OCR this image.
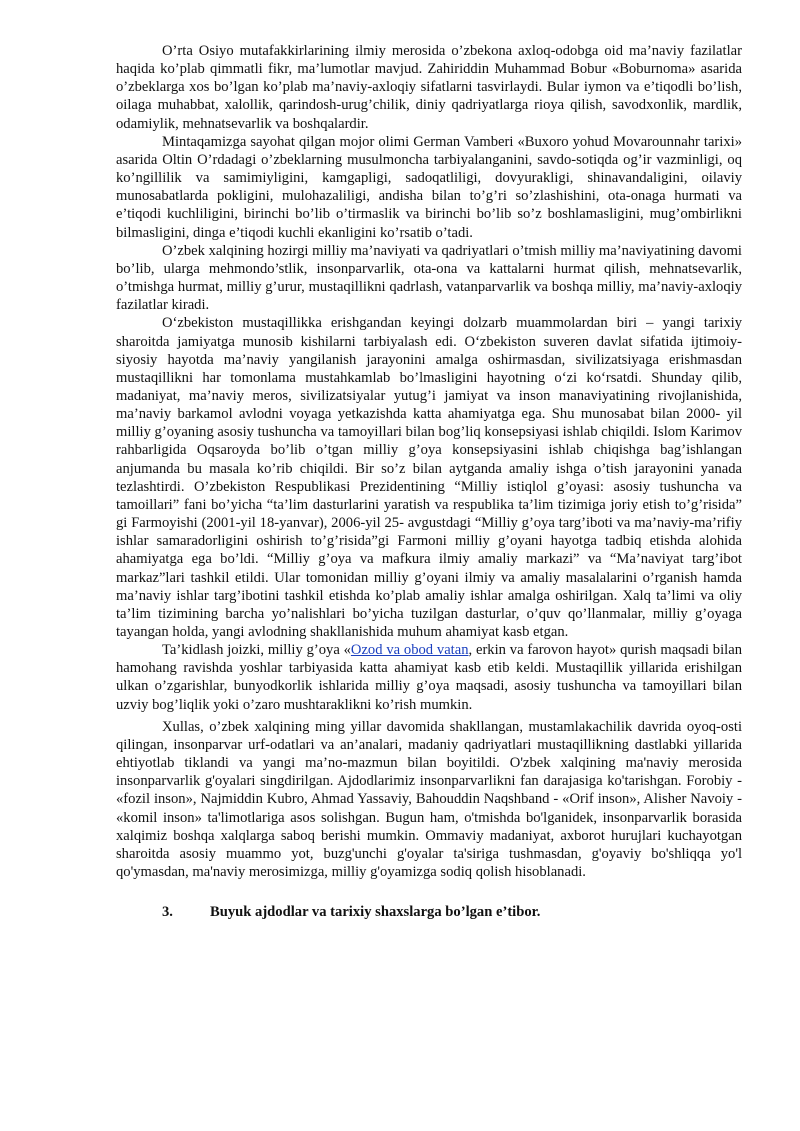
O’rta Osiyo mutafakkirlarining ilmiy merosida o’zbekona axloq-odobga oid ma’naviy fazilatlar haqida ko’plab qimmatli fikr, ma’lumotlar mavjud. Zahiriddin Muhammad Bobur «Boburnoma» asarida o’zbeklarga xos bo’lgan ko’plab ma’naviy-axloqiy sifatlarni tasvirlaydi. Bular iymon va e’tiqodli bo’lish, oilaga muhabbat, xalollik, qarindosh-urug’chilik, diniy qadriyatlarga rioya qilish, savodxonlik, mardlik, odamiylik, mehnatsevarlik va boshqalardir.

Mintaqamizga sayohat qilgan mojor olimi German Vamberi «Buxoro yohud Movarounnahr tarixi» asarida Oltin O’rdadagi o’zbeklarning musulmoncha tarbiyalanganini, savdo-sotiqda og’ir vazminligi, oq ko’ngillilik va samimiyligini, kamgapligi, sadoqatliligi, dovyurakligi, shinavandaligini, oilaviy munosabatlarda pokligini, mulohazaliligi, andisha bilan to’g’ri so’zlashishini, ota-onaga hurmati va e’tiqodi kuchliligini, birinchi bo’lib o’tirmaslik va birinchi bo’lib so’z boshlamasligini, mug’ombirlikni bilmasligini, dinga e’tiqodi kuchli ekanligini ko’rsatib o’tadi.

O’zbek xalqining hozirgi milliy ma’naviyati va qadriyatlari o’tmish milliy ma’naviyatining davomi bo’lib, ularga mehmondo’stlik, insonparvarlik, ota-ona va kattalarni hurmat qilish, mehnatsevarlik, o’tmishga hurmat, milliy g’urur, mustaqillikni qadrlash, vatanparvarlik va boshqa milliy, ma’naviy-axloqiy fazilatlar kiradi.

O‘zbekiston mustaqillikka erishgandan keyingi dolzarb muammolardan biri – yangi tarixiy sharoitda jamiyatga munosib kishilarni tarbiyalash edi. O‘zbekiston suveren davlat sifatida ijtimoiy-siyosiy hayotda ma’naviy yangilanish jarayonini amalga oshirmasdan, sivilizatsiyaga erishmasdan mustaqillikni har tomonlama mustahkamlab bo’lmasligini hayotning o‘zi ko‘rsatdi. Shunday qilib, madaniyat, ma’naviy meros, sivilizatsiyalar yutug’i jamiyat va inson manaviyatining rivojlanishida, ma’naviy barkamol avlodni voyaga yetkazishda katta ahamiyatga ega. Shu munosabat bilan 2000- yil milliy g’oyaning asosiy tushuncha va tamoyillari bilan bog’liq konsepsiyasi ishlab chiqildi. Islom Karimov rahbarligida Oqsaroyda bo’lib o’tgan milliy g’oya konsepsiyasini ishlab chiqishga bag’ishlangan anjumanda bu masala ko’rib chiqildi. Bir so’z bilan aytganda amaliy ishga o’tish jarayonini yanada tezlashtirdi. O’zbekiston Respublikasi Prezidentining “Milliy istiqlol g’oyasi: asosiy tushuncha va tamoillari” fani bo’yicha “ta’lim dasturlarini yaratish va respublika ta’lim tizimiga joriy etish to’g’risida” gi Farmoyishi (2001-yil 18-yanvar), 2006-yil 25- avgustdagi “Milliy g’oya targ’iboti va ma’naviy-ma’rifiy ishlar samaradorligini oshirish to’g’risida”gi Farmoni milliy g’oyani hayotga tadbiq etishda alohida ahamiyatga ega bo’ldi. “Milliy g’oya va mafkura ilmiy amaliy markazi” va “Ma’naviyat targ’ibot markaz”lari tashkil etildi. Ular tomonidan milliy g’oyani ilmiy va amaliy masalalarini o’rganish hamda ma’naviy ishlar targ’ibotini tashkil etishda ko’plab amaliy ishlar amalga oshirilgan. Xalq ta’limi va oliy ta’lim tizimining barcha yo’nalishlari bo’yicha tuzilgan dasturlar, o’quv qo’llanmalar, milliy g’oyaga tayangan holda, yangi avlodning shakllanishida muhum ahamiyat kasb etgan.

Ta’kidlash joizki, milliy g’oya «Ozod va obod vatan, erkin va farovon hayot» qurish maqsadi bilan hamohang ravishda yoshlar tarbiyasida katta ahamiyat kasb etib keldi. Mustaqillik yillarida erishilgan ulkan o’zgarishlar, bunyodkorlik ishlarida milliy g’oya maqsadi, asosiy tushuncha va tamoyillari bilan uzviy bog’liqlik yoki o’zaro mushtaraklikni ko’rish mumkin.

Xullas, o’zbek xalqining ming yillar davomida shakllangan, mustamlakachilik davrida oyoq-osti qilingan, insonparvar urf-odatlari va an’analari, madaniy qadriyatlari mustaqillikning dastlabki yillarida ehtiyotlab tiklandi va yangi ma’no-mazmun bilan boyitildi. O'zbek xalqining ma'naviy merosida insonparvarlik g'oyalari singdirilgan. Ajdodlarimiz insonparvarlikni fan darajasiga ko'tarishgan. Forobiy - «fozil inson», Najmiddin Kubro, Ahmad Yassaviy, Bahouddin Naqshband - «Orif inson», Alisher Navoiy - «komil inson» ta'limotlariga asos solishgan. Bugun ham, o'tmishda bo'lganidek, insonparvarlik borasida xalqimiz boshqa xalqlarga saboq berishi mumkin. Ommaviy madaniyat, axborot hurujlari kuchayotgan sharoitda asosiy muammo yot, buzg'unchi g'oyalar ta'siriga tushmasdan, g'oyaviy bo'shliqqa yo'l qo'ymasdan, ma'naviy merosimizga, milliy g'oyamizga sodiq qolish hisoblanadi.

3.	Buyuk ajdodlar va tarixiy shaxslarga bo’lgan e’tibor.
